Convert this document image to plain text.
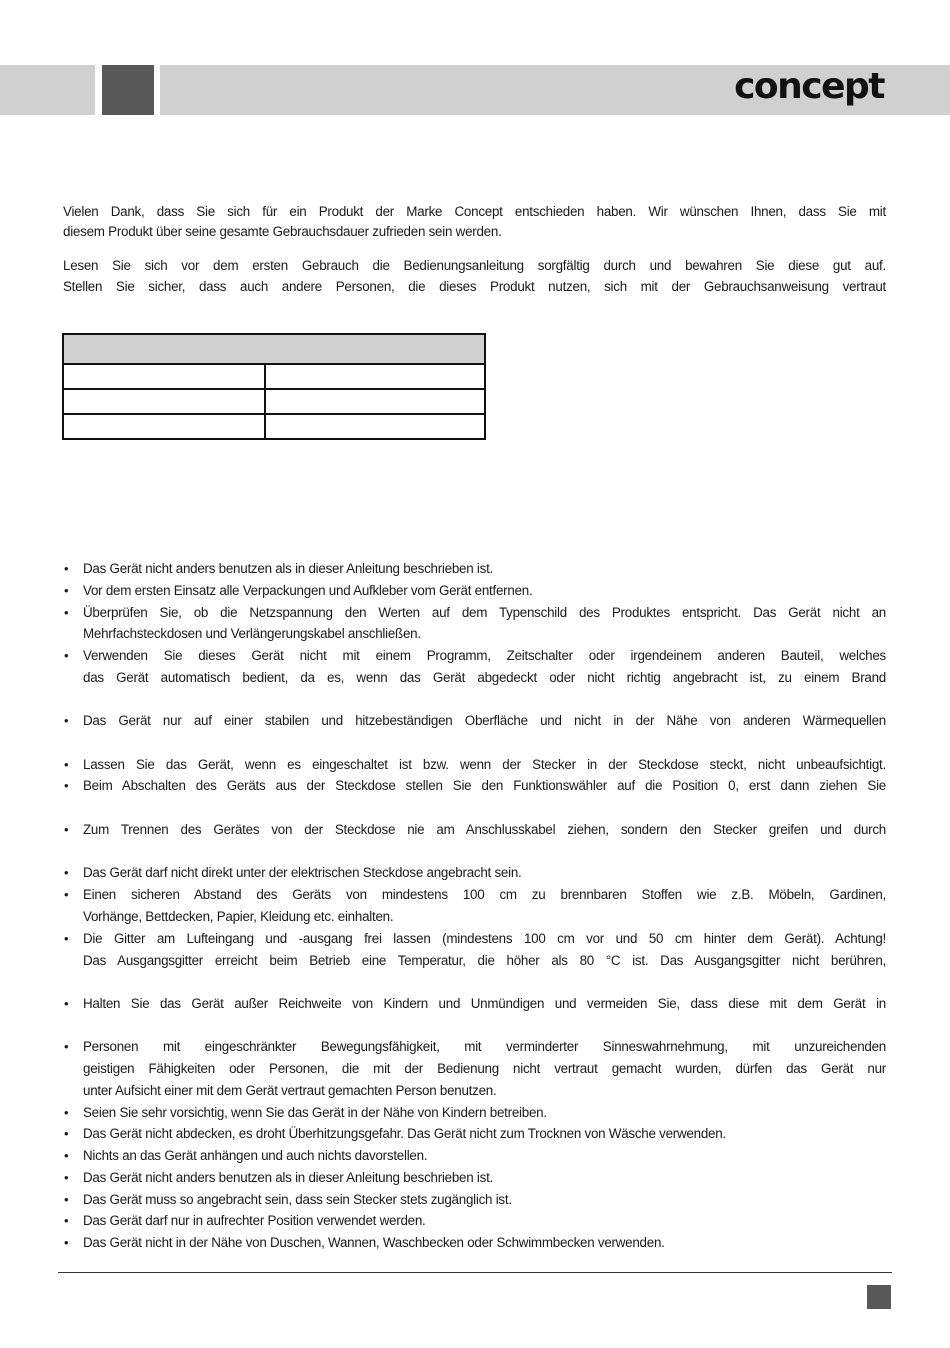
concept
Vielen Dank, dass Sie sich für ein Produkt der Marke Concept entschieden haben. Wir wünschen Ihnen, dass Sie mit
diesem Produkt über seine gesamte Gebrauchsdauer zufrieden sein werden.
Lesen Sie sich vor dem ersten Gebrauch die Bedienungsanleitung sorgfältig durch und bewahren Sie diese gut auf.
Stellen Sie sicher, dass auch andere Personen, die dieses Produkt nutzen, sich mit der Gebrauchsanweisung vertraut

• Das Gerät nicht anders benutzen als in dieser Anleitung beschrieben ist.
• Vor dem ersten Einsatz alle Verpackungen und Aufkleber vom Gerät entfernen.
• Überprüfen Sie, ob die Netzspannung den Werten auf dem Typenschild des Produktes entspricht. Das Gerät nicht an
Mehrfachsteckdosen und Verlängerungskabel anschließen.
• Verwenden Sie dieses Gerät nicht mit einem Programm, Zeitschalter oder irgendeinem anderen Bauteil, welches
das Gerät automatisch bedient, da es, wenn das Gerät abgedeckt oder nicht richtig angebracht ist, zu einem Brand
• Das Gerät nur auf einer stabilen und hitzebeständigen Oberfläche und nicht in der Nähe von anderen Wärmequellen
• Lassen Sie das Gerät, wenn es eingeschaltet ist bzw. wenn der Stecker in der Steckdose steckt, nicht unbeaufsichtigt.
• Beim Abschalten des Geräts aus der Steckdose stellen Sie den Funktionswähler auf die Position 0, erst dann ziehen Sie
• Zum Trennen des Gerätes von der Steckdose nie am Anschlusskabel ziehen, sondern den Stecker greifen und durch
• Das Gerät darf nicht direkt unter der elektrischen Steckdose angebracht sein.
• Einen sicheren Abstand des Geräts von mindestens 100 cm zu brennbaren Stoffen wie z.B. Möbeln, Gardinen,
Vorhänge, Bettdecken, Papier, Kleidung etc. einhalten.
• Die Gitter am Lufteingang und -ausgang frei lassen (mindestens 100 cm vor und 50 cm hinter dem Gerät). Achtung!
Das Ausgangsgitter erreicht beim Betrieb eine Temperatur, die höher als 80 °C ist. Das Ausgangsgitter nicht berühren,
• Halten Sie das Gerät außer Reichweite von Kindern und Unmündigen und vermeiden Sie, dass diese mit dem Gerät in
• Personen mit eingeschränkter Bewegungsfähigkeit, mit verminderter Sinneswahrnehmung, mit unzureichenden
geistigen Fähigkeiten oder Personen, die mit der Bedienung nicht vertraut gemacht wurden, dürfen das Gerät nur
unter Aufsicht einer mit dem Gerät vertraut gemachten Person benutzen.
• Seien Sie sehr vorsichtig, wenn Sie das Gerät in der Nähe von Kindern betreiben.
• Das Gerät nicht abdecken, es droht Überhitzungsgefahr. Das Gerät nicht zum Trocknen von Wäsche verwenden.
• Nichts an das Gerät anhängen und auch nichts davorstellen.
• Das Gerät nicht anders benutzen als in dieser Anleitung beschrieben ist.
• Das Gerät muss so angebracht sein, dass sein Stecker stets zugänglich ist.
• Das Gerät darf nur in aufrechter Position verwendet werden.
• Das Gerät nicht in der Nähe von Duschen, Wannen, Waschbecken oder Schwimmbecken verwenden.
